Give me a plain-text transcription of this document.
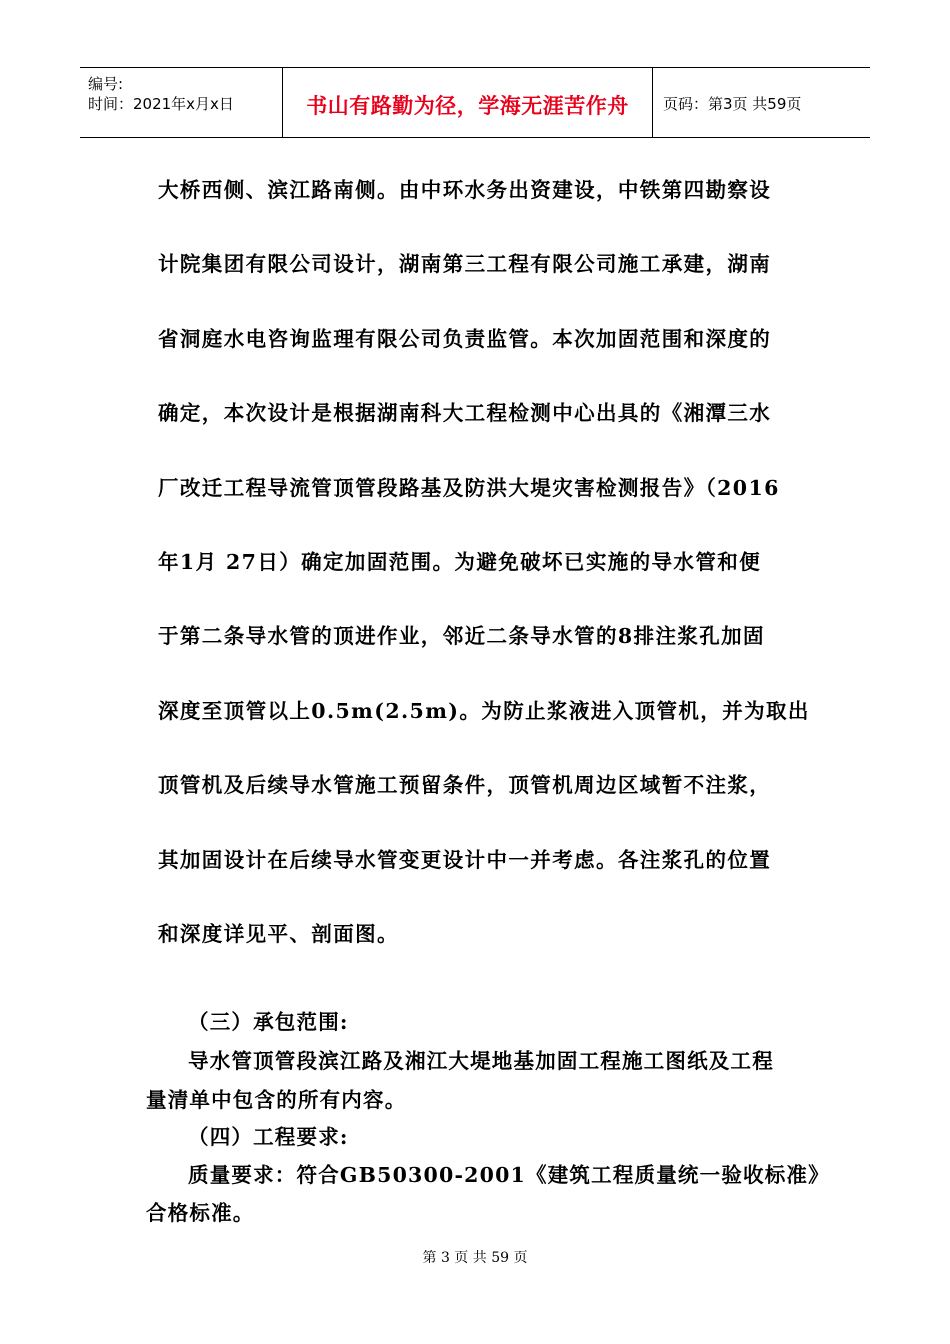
编号:
时间：2021年x月x日	书山有路勤为径，学海无涯苦作舟	页码：第3页 共59页
大桥西侧、滨江路南侧。由中环水务出资建设，中铁第四勘察设
计院集团有限公司设计，湖南第三工程有限公司施工承建，湖南
省洞庭水电咨询监理有限公司负责监管。本次加固范围和深度的
确定，本次设计是根据湖南科大工程检测中心出具的《湘潭三水
厂改迁工程导流管顶管段路基及防洪大堤灾害检测报告》（2016
年1月 27日）确定加固范围。为避免破坏已实施的导水管和便
于第二条导水管的顶进作业，邻近二条导水管的8排注浆孔加固
深度至顶管以上0.5m(2.5m)。为防止浆液进入顶管机，并为取出
顶管机及后续导水管施工预留条件，顶管机周边区域暂不注浆，
其加固设计在后续导水管变更设计中一并考虑。各注浆孔的位置
和深度详见平、剖面图。
（三）承包范围:
导水管顶管段滨江路及湘江大堤地基加固工程施工图纸及工程
量清单中包含的所有内容。
（四）工程要求:
质量要求：符合GB50300-2001《建筑工程质量统一验收标准》
合格标准。
第 3 页 共 59 页
